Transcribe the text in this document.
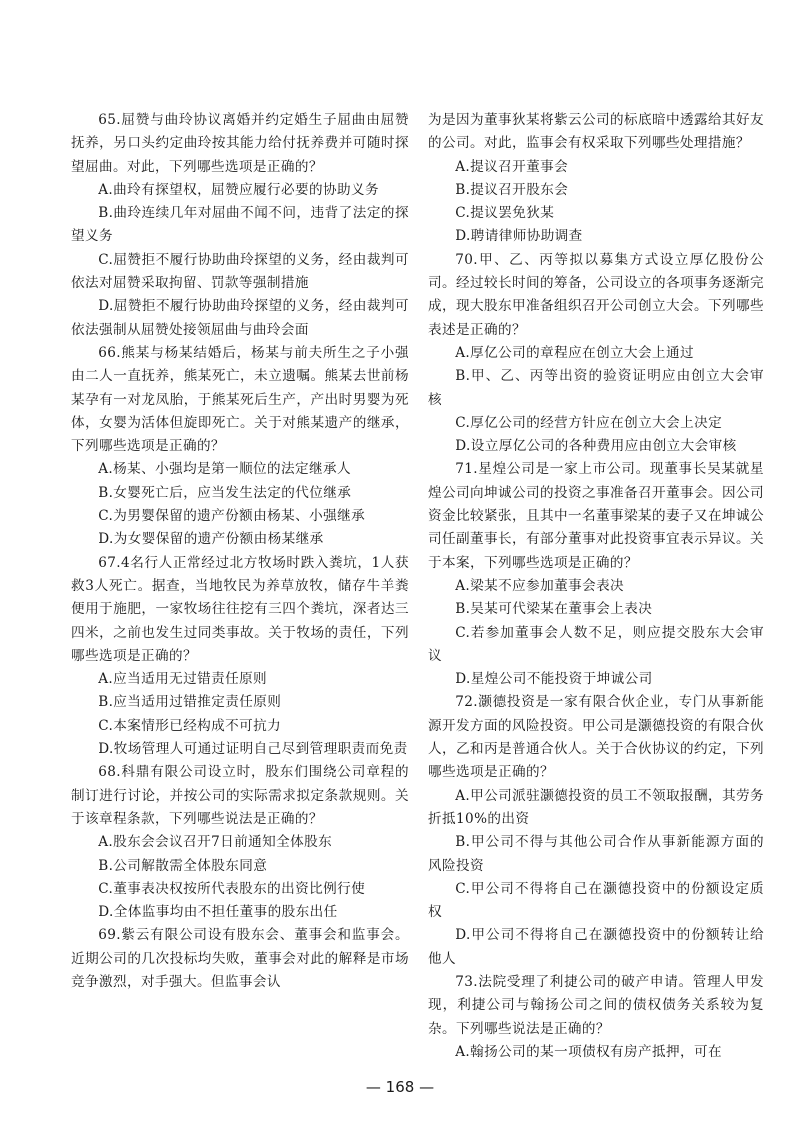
65.屈赞与曲玲协议离婚并约定婚生子屈曲由屈赞抚养，另口头约定曲玲按其能力给付抚养费并可随时探望屈曲。对此，下列哪些选项是正确的？

A.曲玲有探望权，屈赞应履行必要的协助义务

B.曲玲连续几年对屈曲不闻不问，违背了法定的探望义务

C.屈赞拒不履行协助曲玲探望的义务，经由裁判可依法对屈赞采取拘留、罚款等强制措施

D.屈赞拒不履行协助曲玲探望的义务，经由裁判可依法强制从屈赞处接领屈曲与曲玲会面

66.熊某与杨某结婚后，杨某与前夫所生之子小强由二人一直抚养，熊某死亡，未立遗嘱。熊某去世前杨某孕有一对龙凤胎，于熊某死后生产，产出时男婴为死体，女婴为活体但旋即死亡。关于对熊某遗产的继承，下列哪些选项是正确的？

A.杨某、小强均是第一顺位的法定继承人

B.女婴死亡后，应当发生法定的代位继承

C.为男婴保留的遗产份额由杨某、小强继承

D.为女婴保留的遗产份额由杨某继承

67.4名行人正常经过北方牧场时跌入粪坑，1人获救3人死亡。据查，当地牧民为养草放牧，储存牛羊粪便用于施肥，一家牧场往往挖有三四个粪坑，深者达三四米，之前也发生过同类事故。关于牧场的责任，下列哪些选项是正确的？

A.应当适用无过错责任原则

B.应当适用过错推定责任原则

C.本案情形已经构成不可抗力

D.牧场管理人可通过证明自己尽到管理职责而免责

68.科鼎有限公司设立时，股东们围绕公司章程的制订进行讨论，并按公司的实际需求拟定条款规则。关于该章程条款，下列哪些说法是正确的？

A.股东会会议召开7日前通知全体股东

B.公司解散需全体股东同意

C.董事表决权按所代表股东的出资比例行使

D.全体监事均由不担任董事的股东出任

69.紫云有限公司设有股东会、董事会和监事会。近期公司的几次投标均失败，董事会对此的解释是市场竞争激烈，对手强大。但监事会认

为是因为董事狄某将紫云公司的标底暗中透露给其好友的公司。对此，监事会有权采取下列哪些处理措施？

A.提议召开董事会

B.提议召开股东会

C.提议罢免狄某

D.聘请律师协助调查

70.甲、乙、丙等拟以募集方式设立厚亿股份公司。经过较长时间的筹备，公司设立的各项事务逐渐完成，现大股东甲准备组织召开公司创立大会。下列哪些表述是正确的？

A.厚亿公司的章程应在创立大会上通过

B.甲、乙、丙等出资的验资证明应由创立大会审核

C.厚亿公司的经营方针应在创立大会上决定

D.设立厚亿公司的各种费用应由创立大会审核

71.星煌公司是一家上市公司。现董事长吴某就星煌公司向坤诚公司的投资之事准备召开董事会。因公司资金比较紧张，且其中一名董事梁某的妻子又在坤诚公司任副董事长，有部分董事对此投资事宜表示异议。关于本案，下列哪些选项是正确的？

A.梁某不应参加董事会表决

B.吴某可代梁某在董事会上表决

C.若参加董事会人数不足，则应提交股东大会审议

D.星煌公司不能投资于坤诚公司

72.灏德投资是一家有限合伙企业，专门从事新能源开发方面的风险投资。甲公司是灏德投资的有限合伙人，乙和丙是普通合伙人。关于合伙协议的约定，下列哪些选项是正确的？

A.甲公司派驻灏德投资的员工不领取报酬，其劳务折抵10%的出资

B.甲公司不得与其他公司合作从事新能源方面的风险投资

C.甲公司不得将自己在灏德投资中的份额设定质权

D.甲公司不得将自己在灏德投资中的份额转让给他人

73.法院受理了利捷公司的破产申请。管理人甲发现，利捷公司与翰扬公司之间的债权债务关系较为复杂。下列哪些说法是正确的？

A.翰扬公司的某一项债权有房产抵押，可在

— 168 —
